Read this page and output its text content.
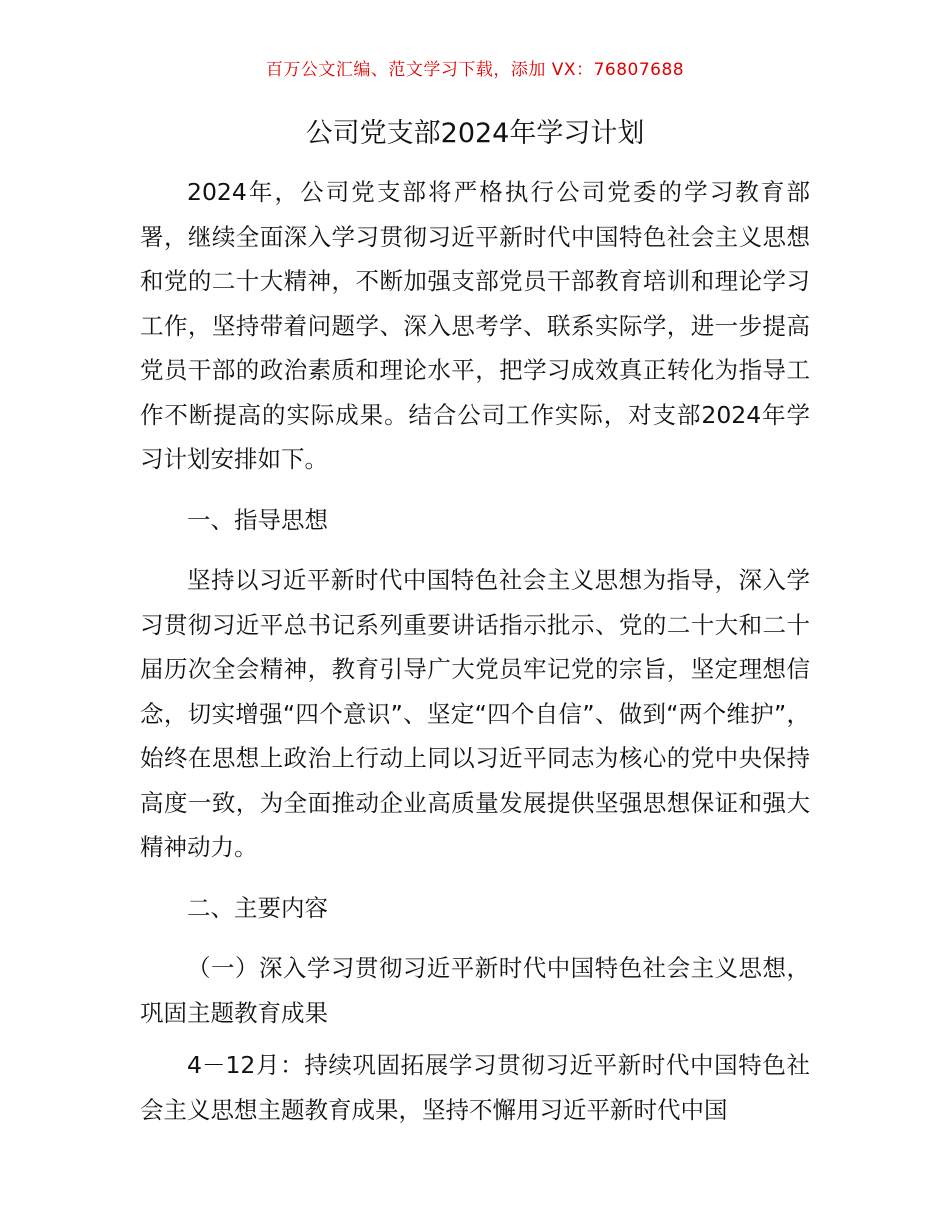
百万公文汇编、范文学习下载，添加 VX：76807688
公司党支部2024年学习计划

2024年，公司党支部将严格执行公司党委的学习教育部署，继续全面深入学习贯彻习近平新时代中国特色社会主义思想和党的二十大精神，不断加强支部党员干部教育培训和理论学习工作，坚持带着问题学、深入思考学、联系实际学，进一步提高党员干部的政治素质和理论水平，把学习成效真正转化为指导工作不断提高的实际成果。结合公司工作实际，对支部2024年学习计划安排如下。

一、指导思想

坚持以习近平新时代中国特色社会主义思想为指导，深入学习贯彻习近平总书记系列重要讲话指示批示、党的二十大和二十届历次全会精神，教育引导广大党员牢记党的宗旨，坚定理想信念，切实增强“四个意识”、坚定“四个自信”、做到“两个维护”，始终在思想上政治上行动上同以习近平同志为核心的党中央保持高度一致，为全面推动企业高质量发展提供坚强思想保证和强大精神动力。

二、主要内容

（一）深入学习贯彻习近平新时代中国特色社会主义思想，巩固主题教育成果

4－12月：持续巩固拓展学习贯彻习近平新时代中国特色社会主义思想主题教育成果，坚持不懈用习近平新时代中国
